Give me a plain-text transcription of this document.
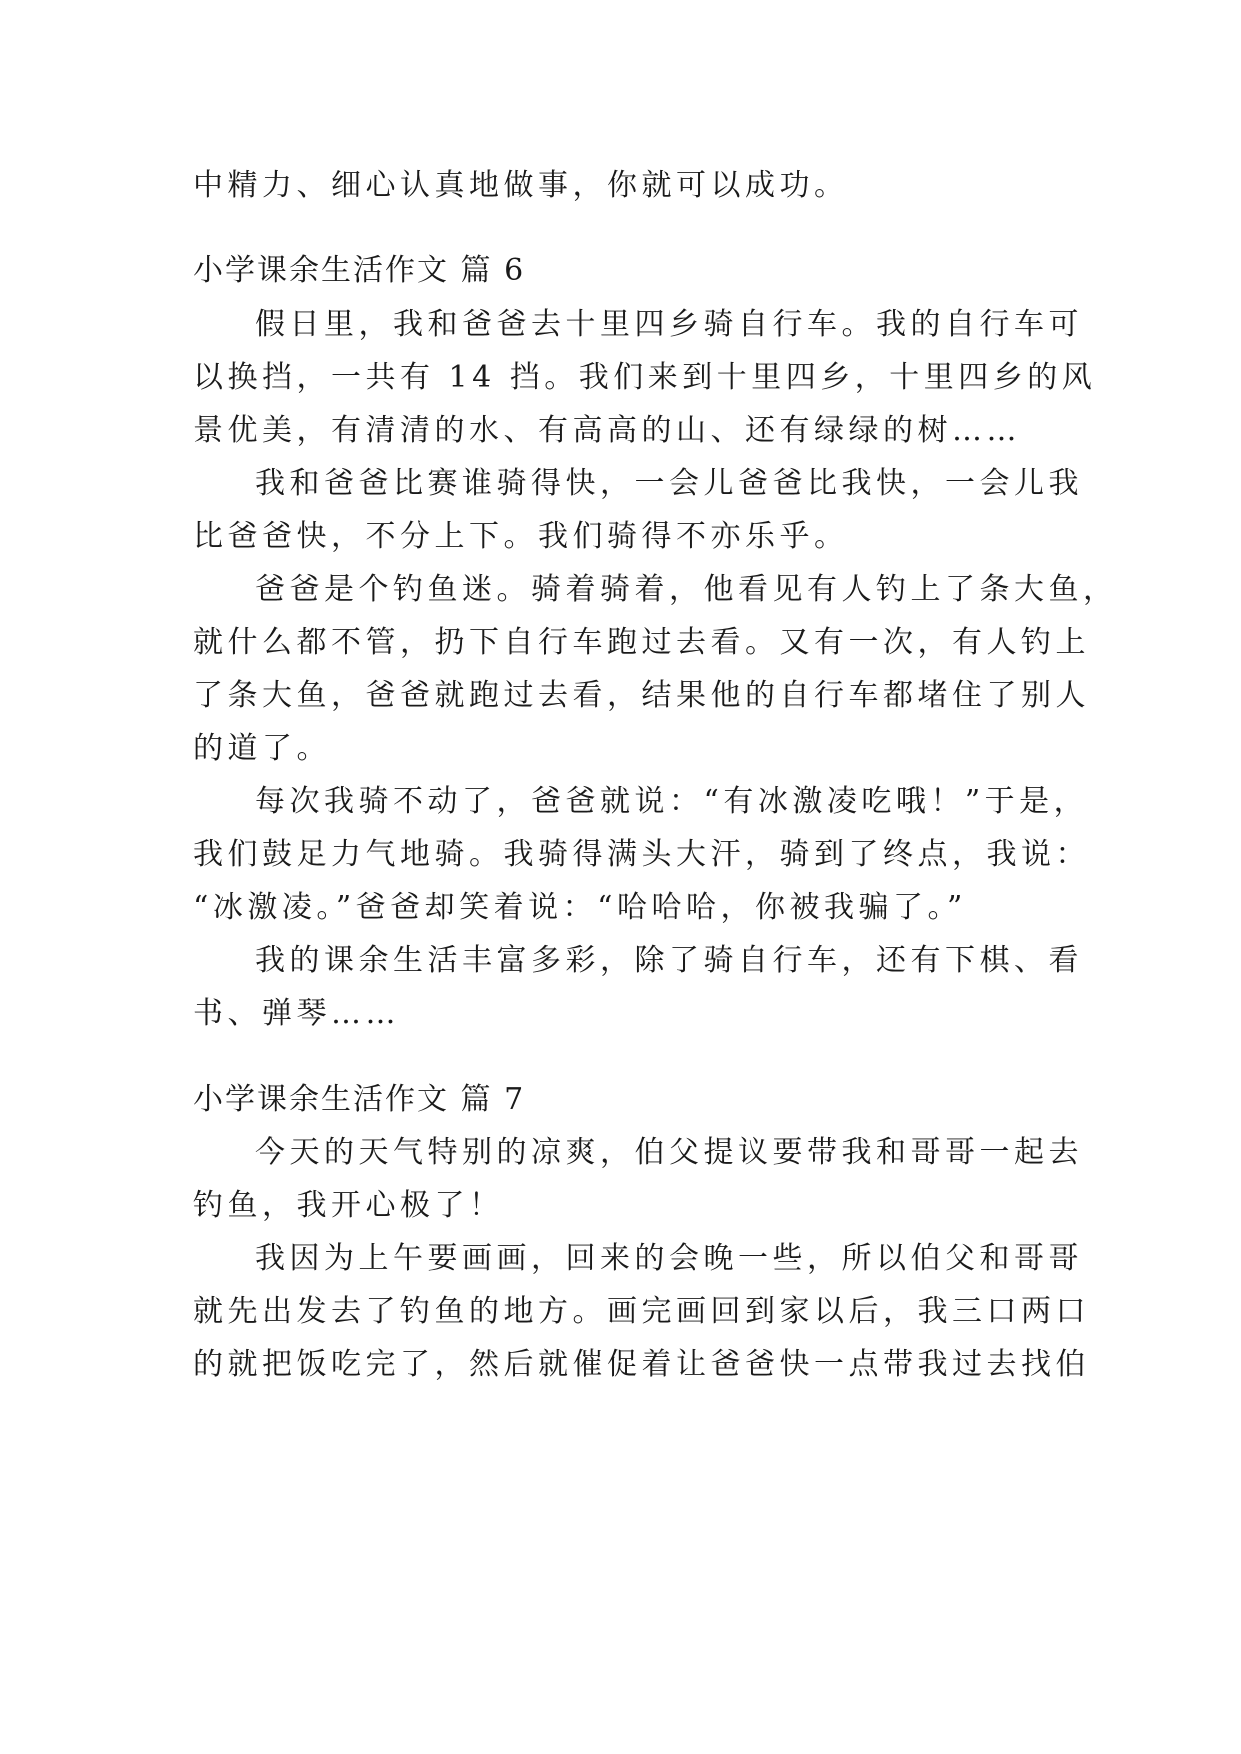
中精力、细心认真地做事，你就可以成功。
小学课余生活作文 篇 6
假日里，我和爸爸去十里四乡骑自行车。我的自行车可
以换挡，一共有 14 挡。我们来到十里四乡，十里四乡的风
景优美，有清清的水、有高高的山、还有绿绿的树……
我和爸爸比赛谁骑得快，一会儿爸爸比我快，一会儿我
比爸爸快，不分上下。我们骑得不亦乐乎。
爸爸是个钓鱼迷。骑着骑着，他看见有人钓上了条大鱼，
就什么都不管，扔下自行车跑过去看。又有一次，有人钓上
了条大鱼，爸爸就跑过去看，结果他的自行车都堵住了别人
的道了。
每次我骑不动了，爸爸就说：“有冰激凌吃哦！”于是，
我们鼓足力气地骑。我骑得满头大汗，骑到了终点，我说：
“冰激凌。”爸爸却笑着说：“哈哈哈，你被我骗了。”
我的课余生活丰富多彩，除了骑自行车，还有下棋、看
书、弹琴……
小学课余生活作文 篇 7
今天的天气特别的凉爽，伯父提议要带我和哥哥一起去
钓鱼，我开心极了！
我因为上午要画画，回来的会晚一些，所以伯父和哥哥
就先出发去了钓鱼的地方。画完画回到家以后，我三口两口
的就把饭吃完了，然后就催促着让爸爸快一点带我过去找伯
